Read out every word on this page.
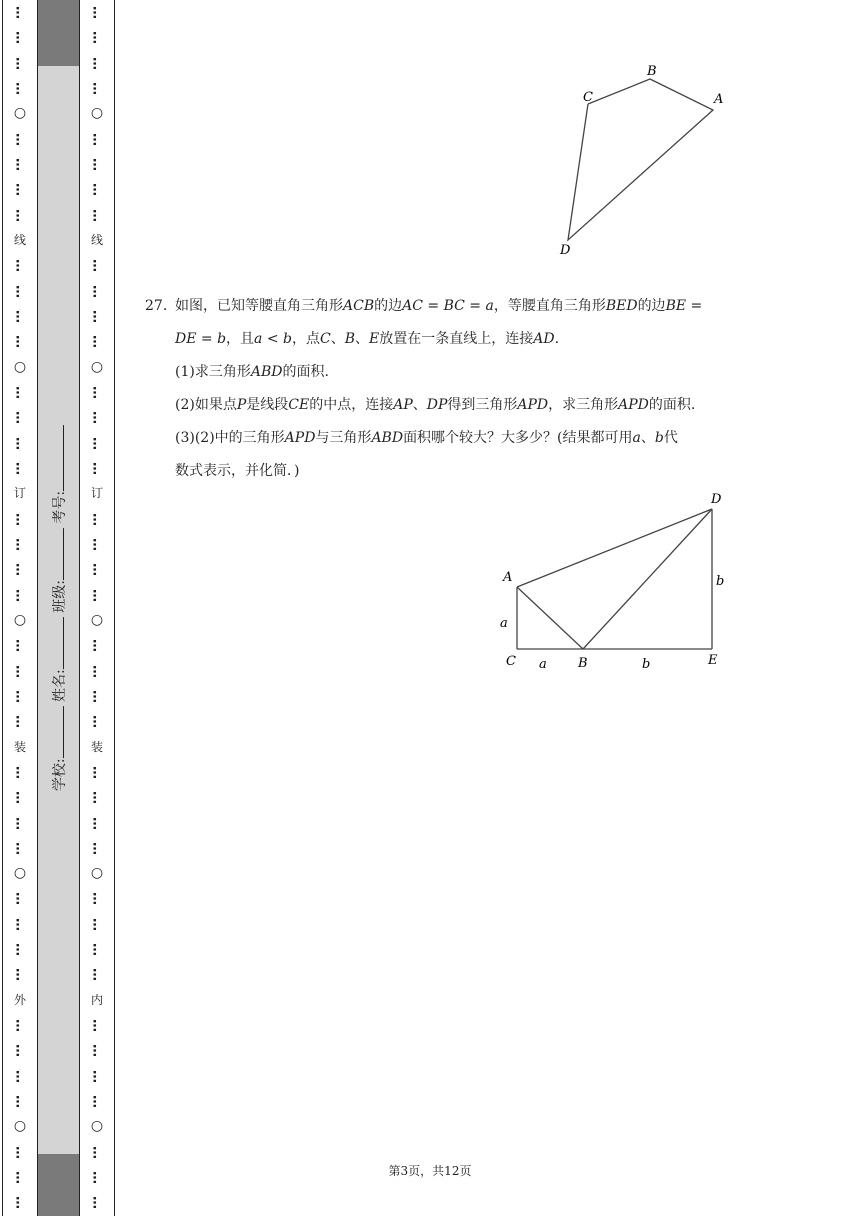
…
…
…
…
○
…
…
…
…
线
…
…
…
…
○
…
…
…
…
订
…
…
…
…
○
…
…
…
…
装
…
…
…
…
○
…
…
…
…
外
…
…
…
…
○
…
…
…
学校: 姓名: 班级: 考号:
…
…
…
…
○
…
…
…
…
线
…
…
…
…
○
…
…
…
…
订
…
…
…
…
○
…
…
…
…
装
…
…
…
…
○
…
…
…
…
内
…
…
…
…
○
…
…
…
C
B
A
D
27. 如图，已知等腰直角三角形ACB的边AC = BC = a，等腰直角三角形BED的边BE =
DE = b，且a < b，点C、B、E放置在一条直线上，连接AD.
(1)求三角形ABD的面积.
(2)如果点P是线段CE的中点，连接AP、DP得到三角形APD，求三角形APD的面积.
(3)(2)中的三角形APD与三角形ABD面积哪个较大？大多少？(结果都可用a、b代
数式表示，并化简．)
A
D
C	B	E
a
a
b
b
第3页，共12页
